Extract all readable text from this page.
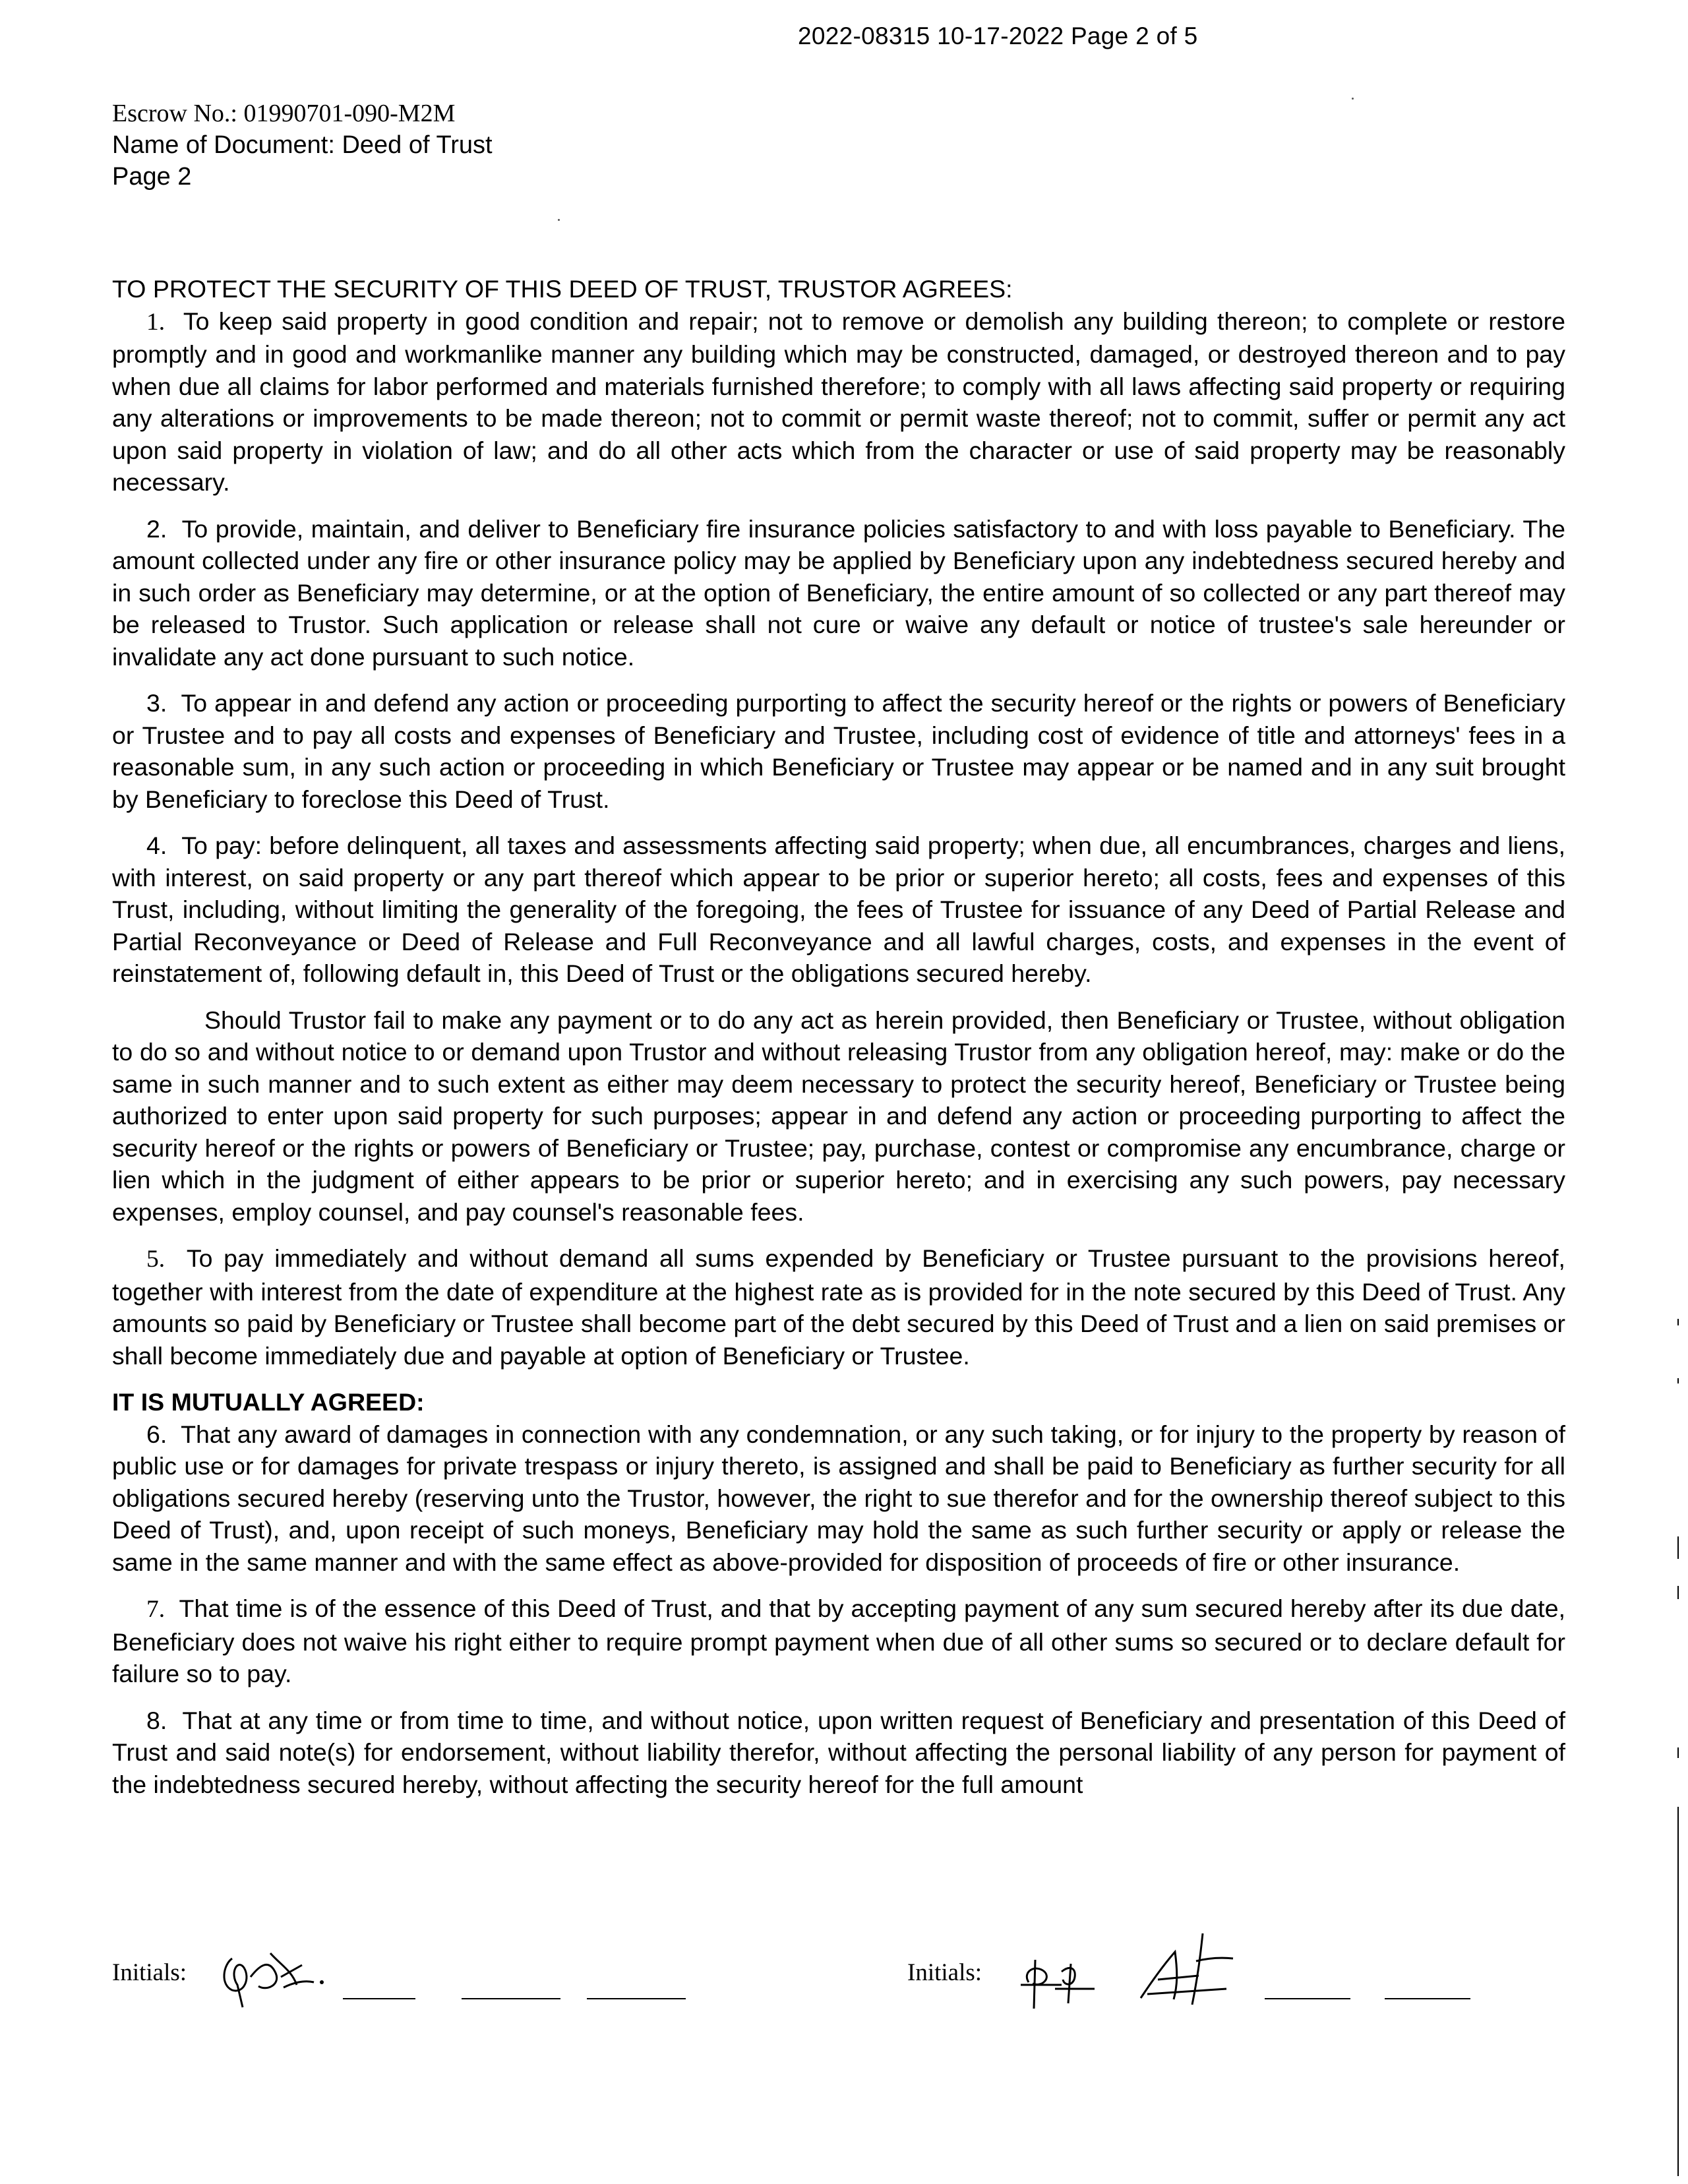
2022-08315 10-17-2022 Page 2 of 5
Escrow No.: 01990701-090-M2M
Name of Document: Deed of Trust
Page 2

TO PROTECT THE SECURITY OF THIS DEED OF TRUST, TRUSTOR AGREES:

1. To keep said property in good condition and repair; not to remove or demolish any building thereon; to complete or restore promptly and in good and workmanlike manner any building which may be constructed, damaged, or destroyed thereon and to pay when due all claims for labor performed and materials furnished therefore; to comply with all laws affecting said property or requiring any alterations or improvements to be made thereon; not to commit or permit waste thereof; not to commit, suffer or permit any act upon said property in violation of law; and do all other acts which from the character or use of said property may be reasonably necessary.

2. To provide, maintain, and deliver to Beneficiary fire insurance policies satisfactory to and with loss payable to Beneficiary. The amount collected under any fire or other insurance policy may be applied by Beneficiary upon any indebtedness secured hereby and in such order as Beneficiary may determine, or at the option of Beneficiary, the entire amount of so collected or any part thereof may be released to Trustor. Such application or release shall not cure or waive any default or notice of trustee's sale hereunder or invalidate any act done pursuant to such notice.

3. To appear in and defend any action or proceeding purporting to affect the security hereof or the rights or powers of Beneficiary or Trustee and to pay all costs and expenses of Beneficiary and Trustee, including cost of evidence of title and attorneys' fees in a reasonable sum, in any such action or proceeding in which Beneficiary or Trustee may appear or be named and in any suit brought by Beneficiary to foreclose this Deed of Trust.

4. To pay: before delinquent, all taxes and assessments affecting said property; when due, all encumbrances, charges and liens, with interest, on said property or any part thereof which appear to be prior or superior hereto; all costs, fees and expenses of this Trust, including, without limiting the generality of the foregoing, the fees of Trustee for issuance of any Deed of Partial Release and Partial Reconveyance or Deed of Release and Full Reconveyance and all lawful charges, costs, and expenses in the event of reinstatement of, following default in, this Deed of Trust or the obligations secured hereby.

Should Trustor fail to make any payment or to do any act as herein provided, then Beneficiary or Trustee, without obligation to do so and without notice to or demand upon Trustor and without releasing Trustor from any obligation hereof, may: make or do the same in such manner and to such extent as either may deem necessary to protect the security hereof, Beneficiary or Trustee being authorized to enter upon said property for such purposes; appear in and defend any action or proceeding purporting to affect the security hereof or the rights or powers of Beneficiary or Trustee; pay, purchase, contest or compromise any encumbrance, charge or lien which in the judgment of either appears to be prior or superior hereto; and in exercising any such powers, pay necessary expenses, employ counsel, and pay counsel's reasonable fees.

5. To pay immediately and without demand all sums expended by Beneficiary or Trustee pursuant to the provisions hereof, together with interest from the date of expenditure at the highest rate as is provided for in the note secured by this Deed of Trust. Any amounts so paid by Beneficiary or Trustee shall become part of the debt secured by this Deed of Trust and a lien on said premises or shall become immediately due and payable at option of Beneficiary or Trustee.

IT IS MUTUALLY AGREED:

6. That any award of damages in connection with any condemnation, or any such taking, or for injury to the property by reason of public use or for damages for private trespass or injury thereto, is assigned and shall be paid to Beneficiary as further security for all obligations secured hereby (reserving unto the Trustor, however, the right to sue therefor and for the ownership thereof subject to this Deed of Trust), and, upon receipt of such moneys, Beneficiary may hold the same as such further security or apply or release the same in the same manner and with the same effect as above-provided for disposition of proceeds of fire or other insurance.

7. That time is of the essence of this Deed of Trust, and that by accepting payment of any sum secured hereby after its due date, Beneficiary does not waive his right either to require prompt payment when due of all other sums so secured or to declare default for failure so to pay.

8. That at any time or from time to time, and without notice, upon written request of Beneficiary and presentation of this Deed of Trust and said note(s) for endorsement, without liability therefor, without affecting the personal liability of any person for payment of the indebtedness secured hereby, without affecting the security hereof for the full amount

Initials:	Initials:
